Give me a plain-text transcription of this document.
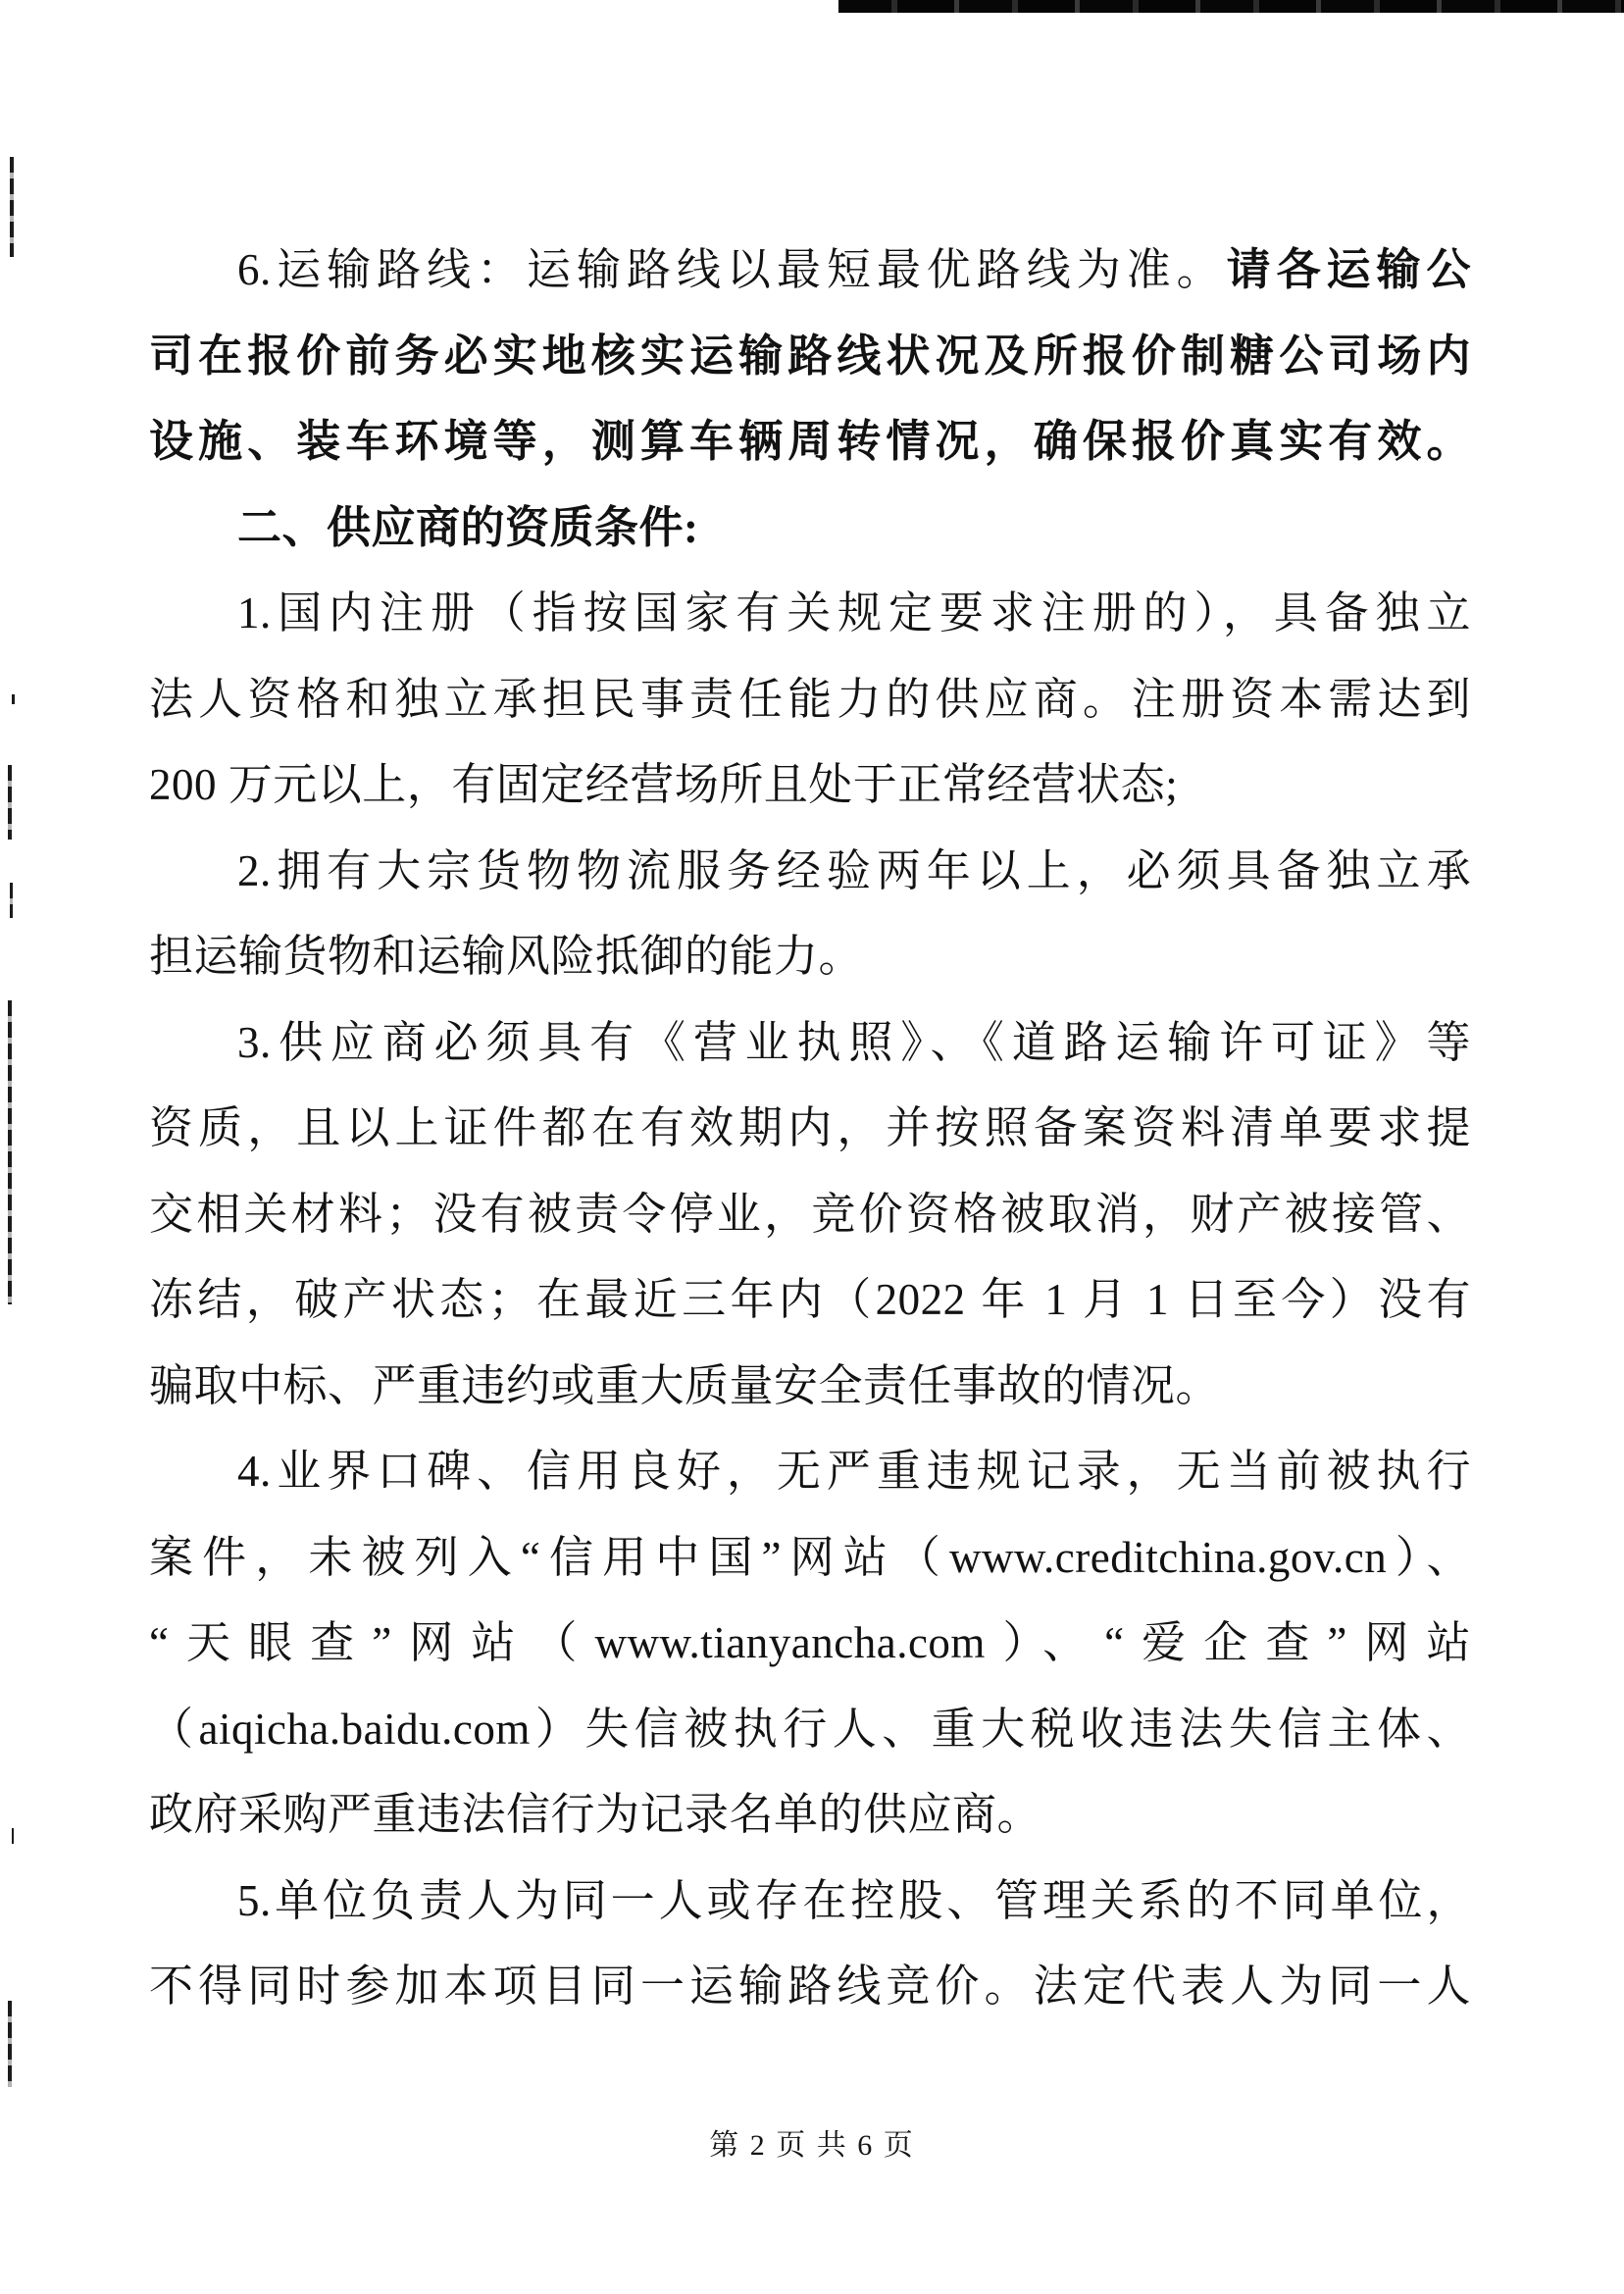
6.运输路线：运输路线以最短最优路线为准。请各运输公
司在报价前务必实地核实运输路线状况及所报价制糖公司场内
设施、装车环境等，测算车辆周转情况，确保报价真实有效。
二、供应商的资质条件:
1.国内注册（指按国家有关规定要求注册的），具备独立
法人资格和独立承担民事责任能力的供应商。注册资本需达到
200 万元以上，有固定经营场所且处于正常经营状态;
2.拥有大宗货物物流服务经验两年以上，必须具备独立承
担运输货物和运输风险抵御的能力。
3.供应商必须具有《营业执照》、《道路运输许可证》等
资质，且以上证件都在有效期内，并按照备案资料清单要求提
交相关材料；没有被责令停业，竞价资格被取消，财产被接管、
冻结，破产状态；在最近三年内（2022 年 1 月 1 日至今）没有
骗取中标、严重违约或重大质量安全责任事故的情况。
4.业界口碑、信用良好，无严重违规记录，无当前被执行
案件，未被列入“信用中国”网站（www.creditchina.gov.cn）、
“天眼查”网站（www.tianyancha.com）、“爱企查”网站
（aiqicha.baidu.com）失信被执行人、重大税收违法失信主体、
政府采购严重违法信行为记录名单的供应商。
5.单位负责人为同一人或存在控股、管理关系的不同单位，
不得同时参加本项目同一运输路线竞价。法定代表人为同一人
第 2 页 共 6 页
